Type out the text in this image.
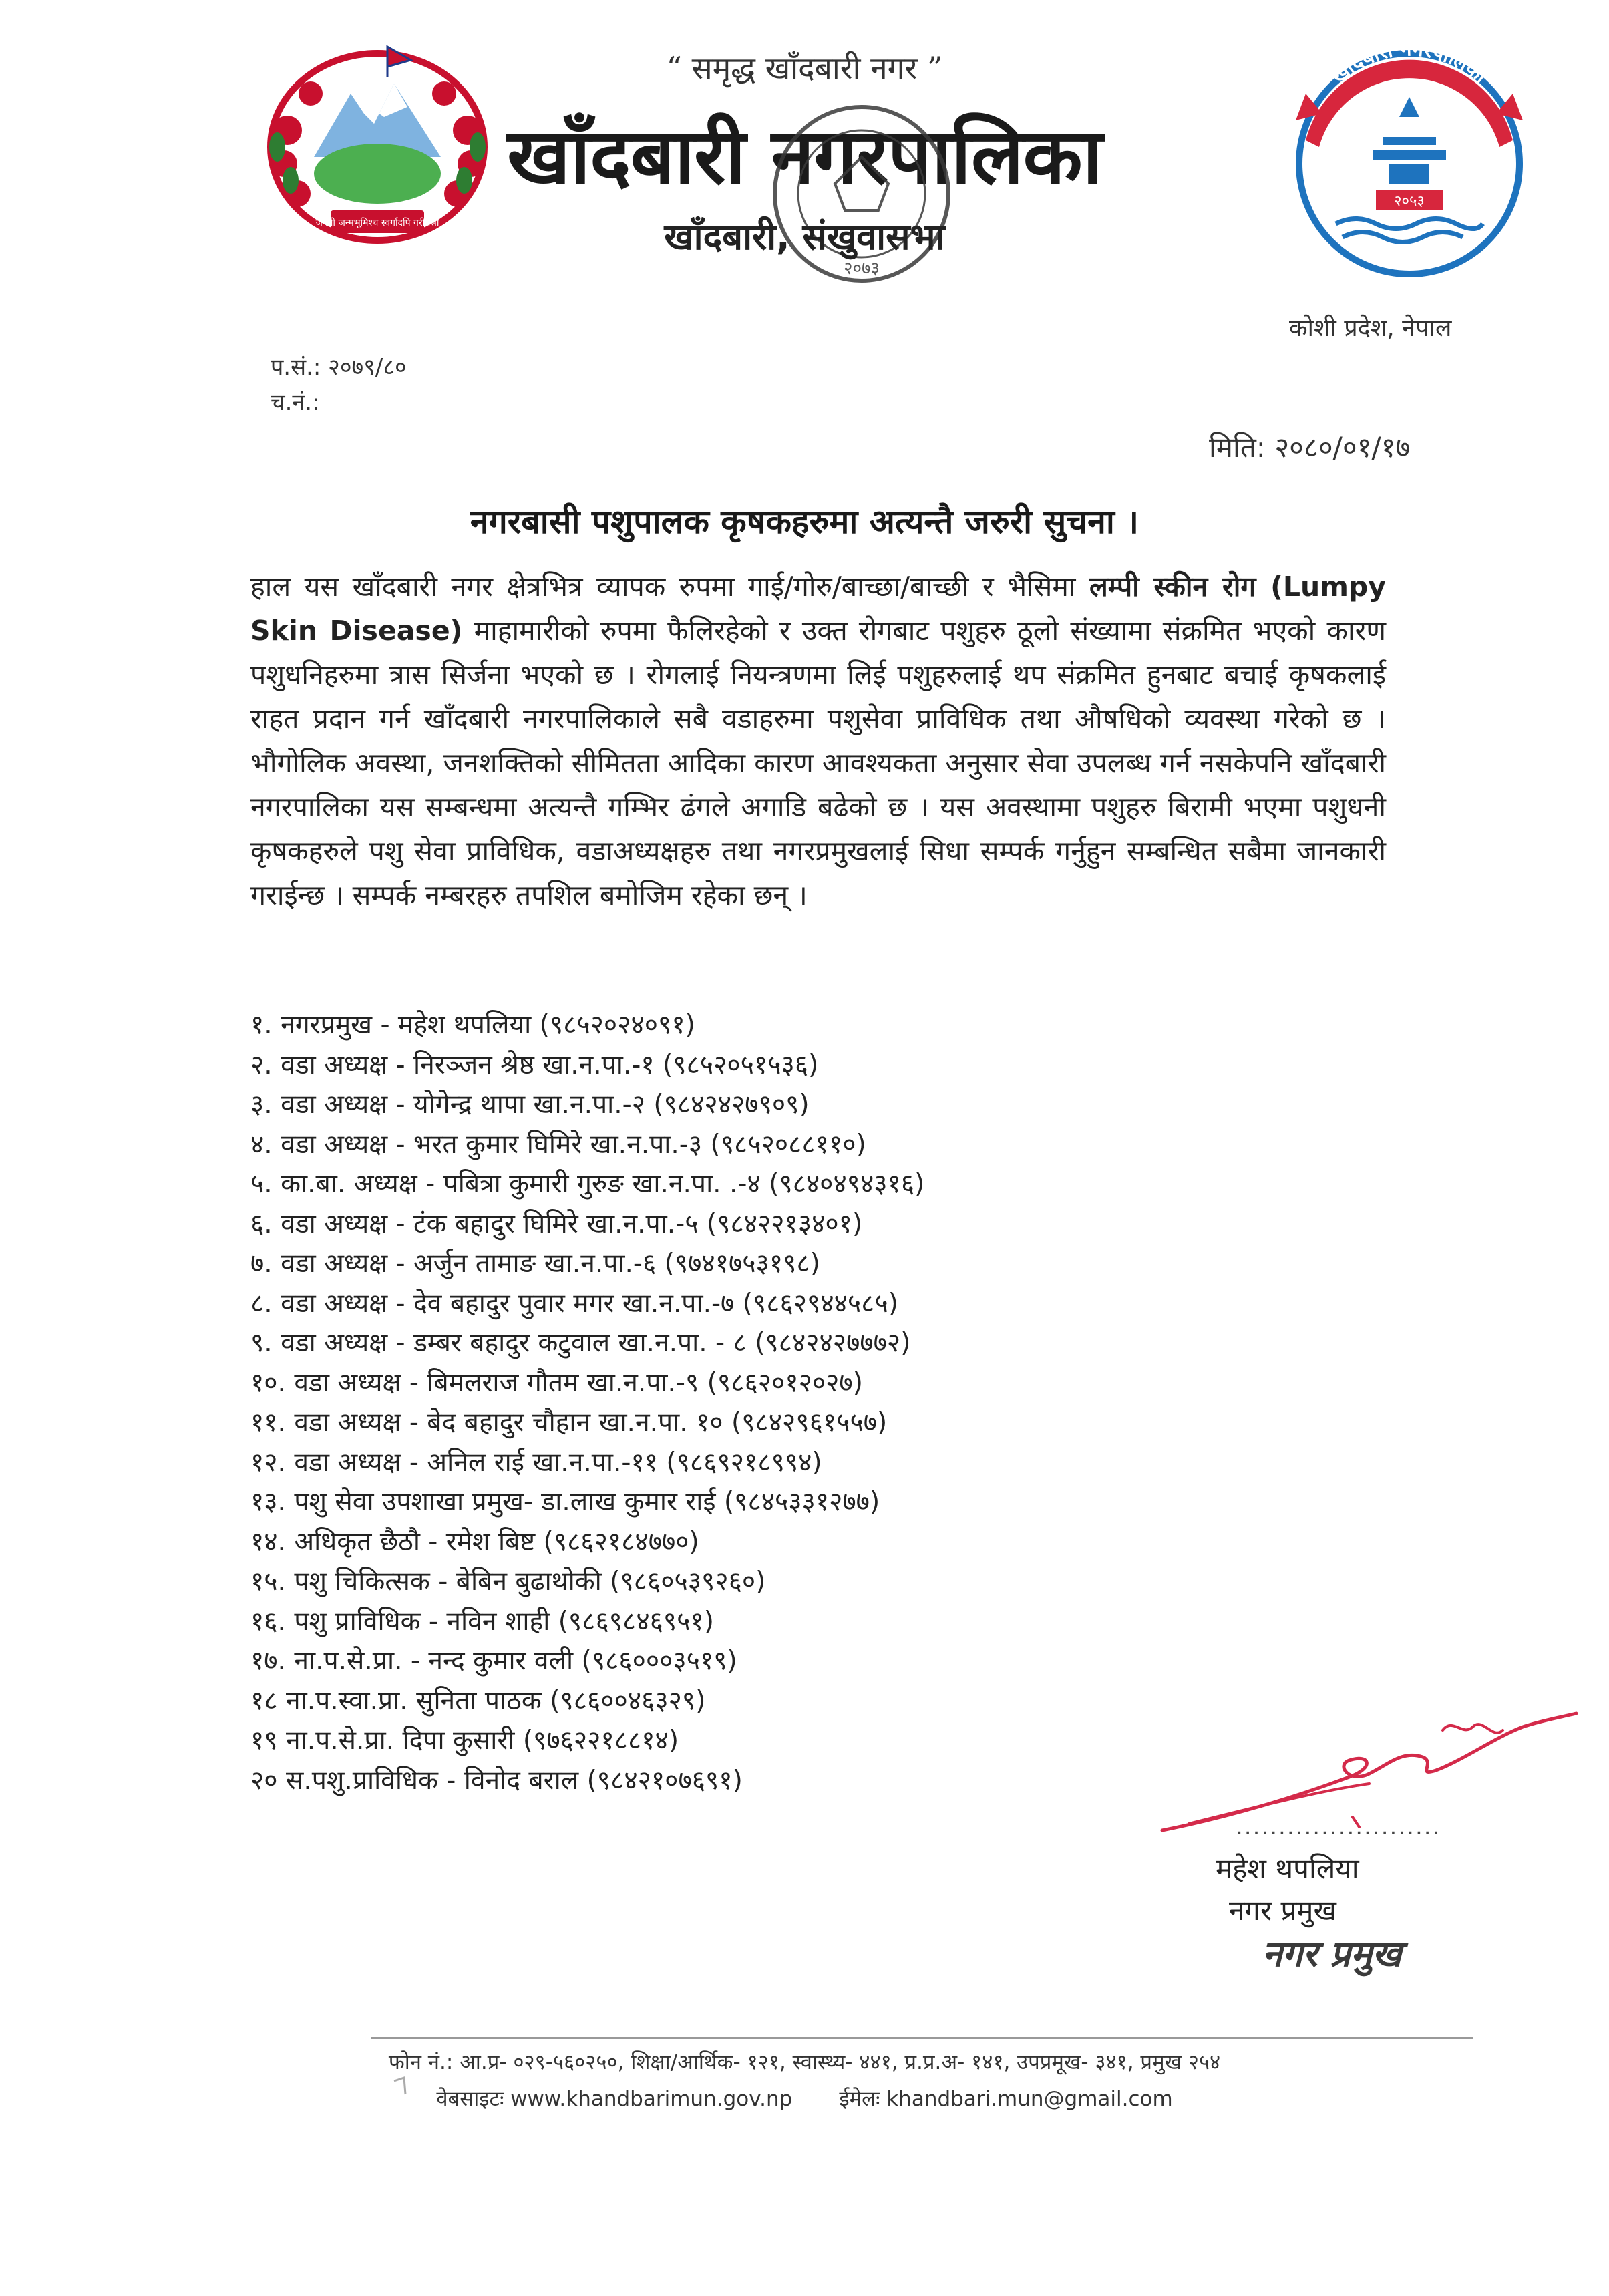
जननी जन्मभूमिश्च स्वर्गादपि गरीयसी
खाँदबारी नगरपालिका
२०५३
“ समृद्ध खाँदबारी नगर ”
खाँदबारी नगरपालिका
२०७३
खाँदबारी, संखुवासभा
कोशी प्रदेश, नेपाल
प.सं.: २०७९/८०
च.नं.:
मिति: २०८०/०१/१७
नगरबासी पशुपालक कृषकहरुमा अत्यन्तै जरुरी सुचना ।
हाल यस खाँदबारी नगर क्षेत्रभित्र व्यापक रुपमा गाई/गोरु/बाच्छा/बाच्छी र भैसिमा लम्पी स्कीन रोग (Lumpy Skin Disease) माहामारीको रुपमा फैलिरहेको र उक्त रोगबाट पशुहरु ठूलो संख्यामा संक्रमित भएको कारण पशुधनिहरुमा त्रास सिर्जना भएको छ । रोगलाई नियन्त्रणमा लिई पशुहरुलाई थप संक्रमित हुनबाट बचाई कृषकलाई राहत प्रदान गर्न खाँदबारी नगरपालिकाले सबै वडाहरुमा पशुसेवा प्राविधिक तथा औषधिको व्यवस्था गरेको छ । भौगोलिक अवस्था, जनशक्तिको सीमितता आदिका कारण आवश्यकता अनुसार सेवा उपलब्ध गर्न नसकेपनि खाँदबारी नगरपालिका यस सम्बन्धमा अत्यन्तै गम्भिर ढंगले अगाडि बढेको छ । यस अवस्थामा पशुहरु बिरामी भएमा पशुधनी कृषकहरुले पशु सेवा प्राविधिक, वडाअध्यक्षहरु तथा नगरप्रमुखलाई सिधा सम्पर्क गर्नुहुन सम्बन्धित सबैमा जानकारी गराईन्छ । सम्पर्क नम्बरहरु तपशिल बमोजिम रहेका छन् ।
१. नगरप्रमुख - महेश थपलिया (९८५२०२४०९१)
२. वडा अध्यक्ष - निरञ्जन श्रेष्ठ खा.न.पा.-१ (९८५२०५१५३६)
३. वडा अध्यक्ष - योगेन्द्र थापा खा.न.पा.-२ (९८४२४२७९०९)
४. वडा अध्यक्ष - भरत कुमार घिमिरे खा.न.पा.-३ (९८५२०८८११०)
५. का.बा. अध्यक्ष - पबित्रा कुमारी गुरुङ खा.न.पा. .-४ (९८४०४९४३१६)
६. वडा अध्यक्ष - टंक बहादुर घिमिरे खा.न.पा.-५ (९८४२२१३४०१)
७. वडा अध्यक्ष - अर्जुन तामाङ खा.न.पा.-६ (९७४१७५३१९८)
८. वडा अध्यक्ष - देव बहादुर पुवार मगर खा.न.पा.-७ (९८६२९४४५८५)
९. वडा अध्यक्ष - डम्बर बहादुर कटुवाल खा.न.पा. - ८ (९८४२४२७७७२)
१०. वडा अध्यक्ष - बिमलराज गौतम खा.न.पा.-९ (९८६२०१२०२७)
११. वडा अध्यक्ष - बेद बहादुर चौहान खा.न.पा. १० (९८४२९६१५५७)
१२. वडा अध्यक्ष - अनिल राई खा.न.पा.-११ (९८६९२१८९९४)
१३. पशु सेवा उपशाखा प्रमुख- डा.लाख कुमार राई (९८४५३३१२७७)
१४. अधिकृत छैठौ - रमेश बिष्ट (९८६२१८४७७०)
१५. पशु चिकित्सक - बेबिन बुढाथोकी (९८६०५३९२६०)
१६. पशु प्राविधिक - नविन शाही (९८६९८४६९५१)
१७. ना.प.से.प्रा. - नन्द कुमार वली (९८६०००३५१९)
१८ ना.प.स्वा.प्रा. सुनिता पाठक (९८६००४६३२९)
१९ ना.प.से.प्रा. दिपा कुसारी (९७६२२१८८१४)
२० स.पशु.प्राविधिक - विनोद बराल (९८४२१०७६९१)
........................
महेश थपलिया
नगर प्रमुख
नगर प्रमुख
फोन नं.: आ.प्र- ०२९-५६०२५०, शिक्षा/आर्थिक- १२१, स्वास्थ्य- ४४१, प्र.प्र.अ- १४१, उपप्रमूख- ३४१, प्रमुख २५४
वेबसाइटः www.khandbarimun.gov.np ईमेलः khandbari.mun@gmail.com
